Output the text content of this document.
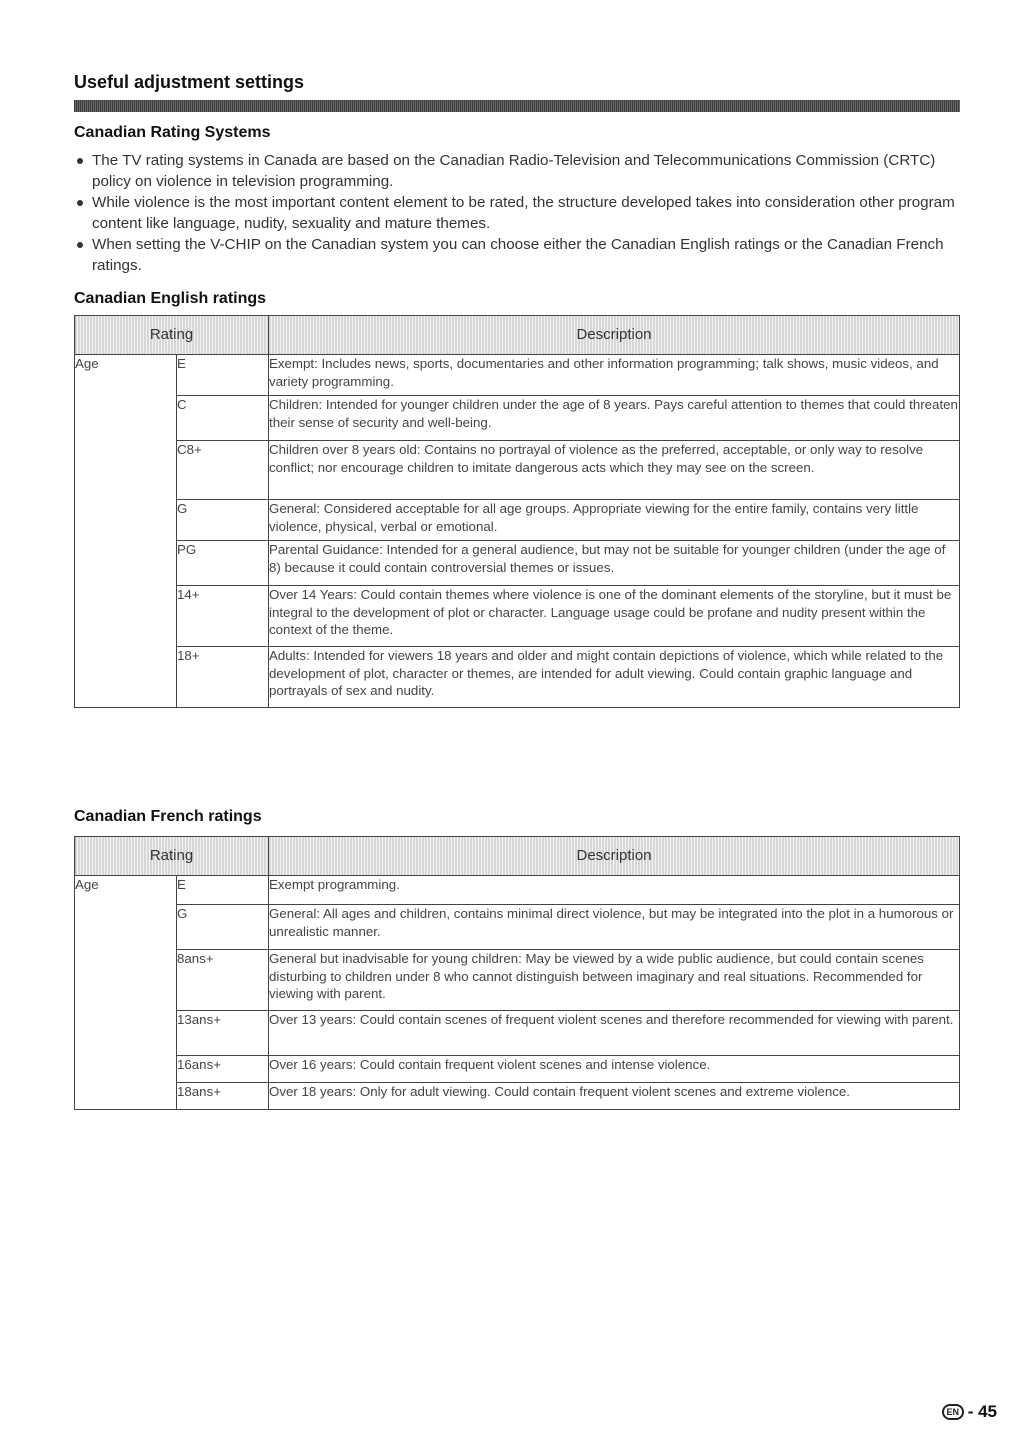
Useful adjustment settings
Canadian Rating Systems
The TV rating systems in Canada are based on the Canadian Radio-Television and Telecommunications Commission (CRTC) policy on violence in television programming.
While violence is the most important content element to be rated, the structure developed takes into consideration other program content like language, nudity, sexuality and mature themes.
When setting the V-CHIP on the Canadian system you can choose either the Canadian English ratings or the Canadian French ratings.
Canadian English ratings
Rating		Description
Age	E	Exempt: Includes news, sports, documentaries and other information programming; talk shows, music videos, and variety programming.
	C	Children: Intended for younger children under the age of 8 years. Pays careful attention to themes that could threaten their sense of security and well-being.
	C8+	Children over 8 years old: Contains no portrayal of violence as the preferred, acceptable, or only way to resolve conflict; nor encourage children to imitate dangerous acts which they may see on the screen.
	G	General: Considered acceptable for all age groups. Appropriate viewing for the entire family, contains very little violence, physical, verbal or emotional.
	PG	Parental Guidance: Intended for a general audience, but may not be suitable for younger children (under the age of 8) because it could contain controversial themes or issues.
	14+	Over 14 Years: Could contain themes where violence is one of the dominant elements of the storyline, but it must be integral to the development of plot or character. Language usage could be profane and nudity present within the context of the theme.
	18+	Adults: Intended for viewers 18 years and older and might contain depictions of violence, which while related to the development of plot, character or themes, are intended for adult viewing. Could contain graphic language and portrayals of sex and nudity.
Canadian French ratings
Rating		Description
Age	E	Exempt programming.
	G	General: All ages and children, contains minimal direct violence, but may be integrated into the plot in a humorous or unrealistic manner.
	8ans+	General but inadvisable for young children: May be viewed by a wide public audience, but could contain scenes disturbing to children under 8 who cannot distinguish between imaginary and real situations. Recommended for viewing with parent.
	13ans+	Over 13 years: Could contain scenes of frequent violent scenes and therefore recommended for viewing with parent.
	16ans+	Over 16 years: Could contain frequent violent scenes and intense violence.
	18ans+	Over 18 years: Only for adult viewing. Could contain frequent violent scenes and extreme violence.
EN - 45
